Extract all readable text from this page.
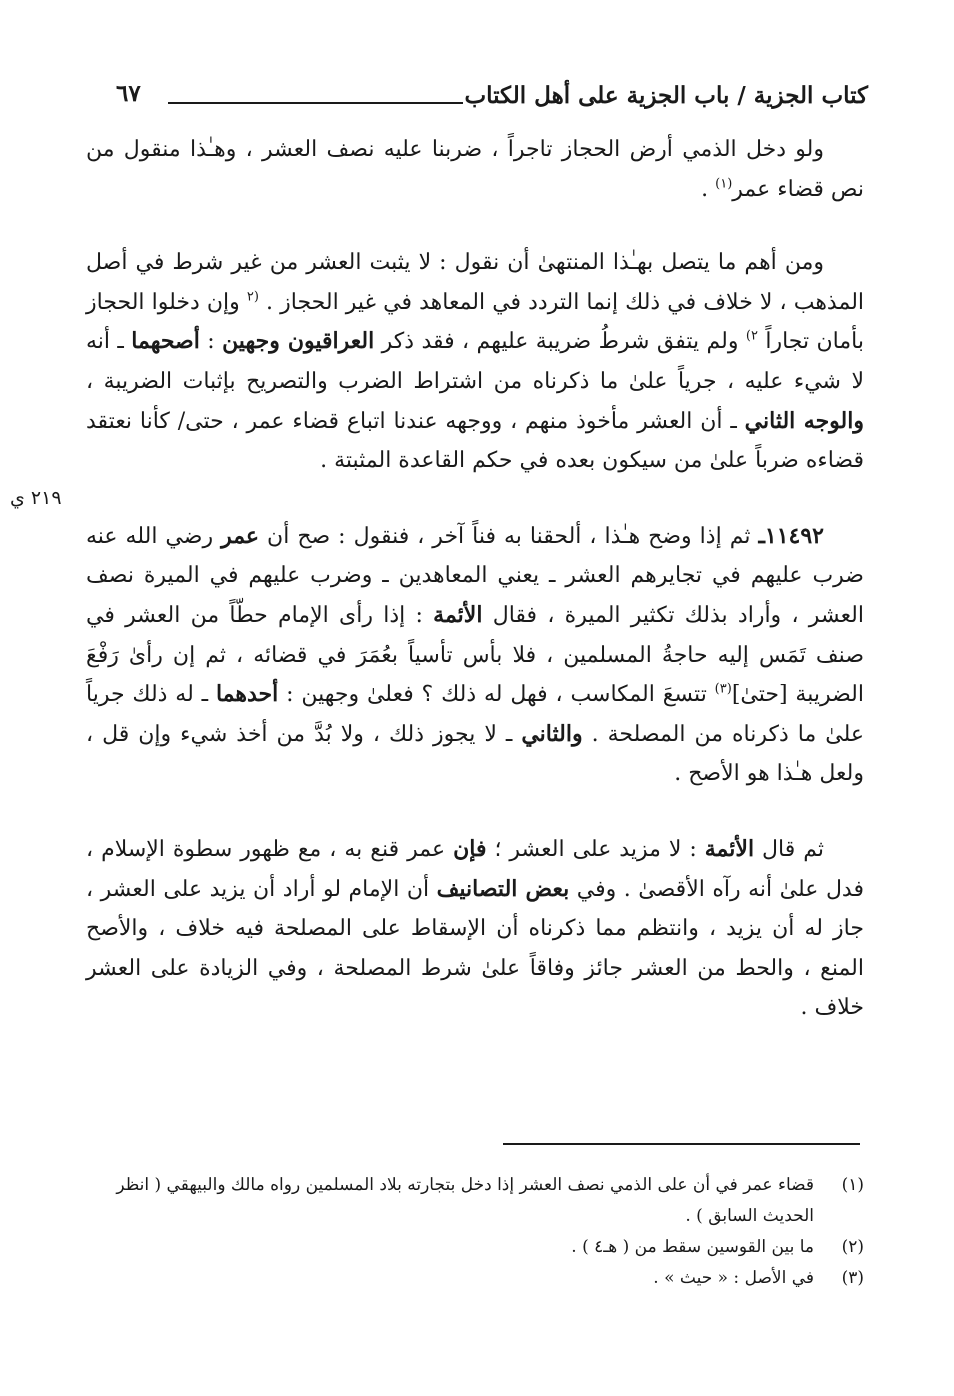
كتاب الجزية / باب الجزية على أهل الكتاب
٦٧
٢١٩ ي

ولو دخل الذمي أرض الحجاز تاجراً ، ضربنا عليه نصف العشر ، وهـٰذا منقول من نص قضاء عمر$^{(١)}$ .

ومن أهم ما يتصل بهـٰذا المنتهىٰ أن نقول : لا يثبت العشر من غير شرط في أصل المذهب ، لا خلاف في ذلك إنما التردد في المعاهد في غير الحجاز . $^{(٢}$ وإن دخلوا الحجاز بأمان تجاراً $^{٢)}$ ولم يتفق شرطُ ضريبة عليهم ، فقد ذكر العراقيون وجهين : أصحهما ـ أنه لا شيء عليه ، جرياً علىٰ ما ذكرناه من اشتراط الضرب والتصريح بإثبات الضريبة ، والوجه الثاني ـ أن العشر مأخوذ منهم ، ووجهه عندنا اتباع قضاء عمر ، حتى/ كأنا نعتقد قضاءه ضرباً علىٰ من سيكون بعده في حكم القاعدة المثبتة .

١١٤٩٢ـ ثم إذا وضح هـٰذا ، ألحقنا به فناً آخر ، فنقول : صح أن عمر رضي الله عنه ضرب عليهم في تجايرهم العشر ـ يعني المعاهدين ـ وضرب عليهم في الميرة نصف العشر ، وأراد بذلك تكثير الميرة ، فقال الأئمة : إذا رأى الإمام حطّاً من العشر في صنف تَمَس إليه حاجةُ المسلمين ، فلا بأس تأسياً بعُمَرَ في قضائه ، ثم إن رأىٰ رَفْعَ الضريبة [حتىٰ]$^{(٣)}$ تتسعَ المكاسب ، فهل له ذلك ؟ فعلىٰ وجهين : أحدهما ـ له ذلك جرياً علىٰ ما ذكرناه من المصلحة . والثاني ـ لا يجوز ذلك ، ولا بُدَّ من أخذ شيء وإن قل ، ولعل هـٰذا هو الأصح .

ثم قال الأئمة : لا مزيد على العشر ؛ فإن عمر قنع به ، مع ظهور سطوة الإسلام ، فدل علىٰ أنه رآه الأقصىٰ . وفي بعض التصانيف أن الإمام لو أراد أن يزيد على العشر ، جاز له أن يزيد ، وانتظم مما ذكرناه أن الإسقاط على المصلحة فيه خلاف ، والأصح المنع ، والحط من العشر جائز وفاقاً علىٰ شرط المصلحة ، وفي الزيادة على العشر خلاف .

(١)
قضاء عمر في أن على الذمي نصف العشر إذا دخل بتجارته بلاد المسلمين رواه مالك والبيهقي ( انظر الحديث السابق ) .
(٢)
ما بين القوسين سقط من ( هـ٤ ) .
(٣)
في الأصل : « حيث » .
